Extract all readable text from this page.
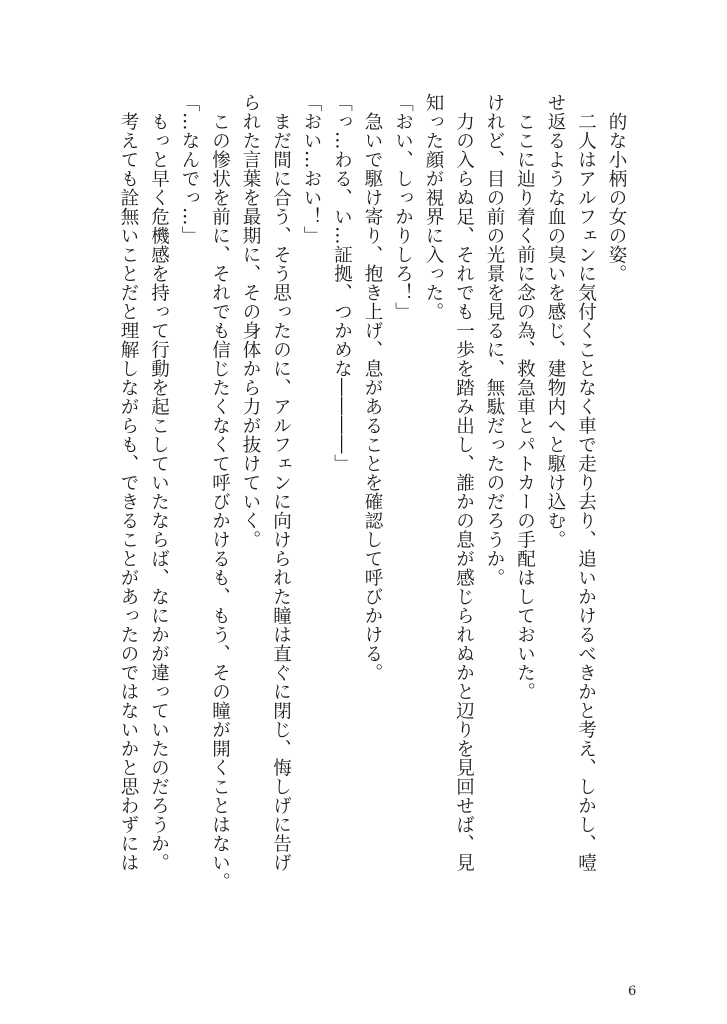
　的な小柄の女の姿。
　二人はアルフェンに気付くことなく車で走り去り、追いかけるべきかと考え、しかし、噎
せ返るような血の臭いを感じ、建物内へと駆け込む。
　ここに辿り着く前に念の為、救急車とパトカーの手配はしておいた。
けれど、目の前の光景を見るに、無駄だったのだろうか。
　力の入らぬ足、それでも一歩を踏み出し、誰かの息が感じられぬかと辺りを見回せば、見
知った顔が視界に入った。
「おい、しっかりしろ！」
　急いで駆け寄り、抱き上げ、息があることを確認して呼びかける。
「っ…わる、い…証拠、つかめな――――」
「おい…おい！」
　まだ間に合う、そう思ったのに、アルフェンに向けられた瞳は直ぐに閉じ、悔しげに告げ
られた言葉を最期に、その身体から力が抜けていく。
　この惨状を前に、それでも信じたくなくて呼びかけるも、もう、その瞳が開くことはない。
「…なんでっ…」
　もっと早く危機感を持って行動を起こしていたならば、なにかが違っていたのだろうか。
　考えても詮無いことだと理解しながらも、できることがあったのではないかと思わずには
6
